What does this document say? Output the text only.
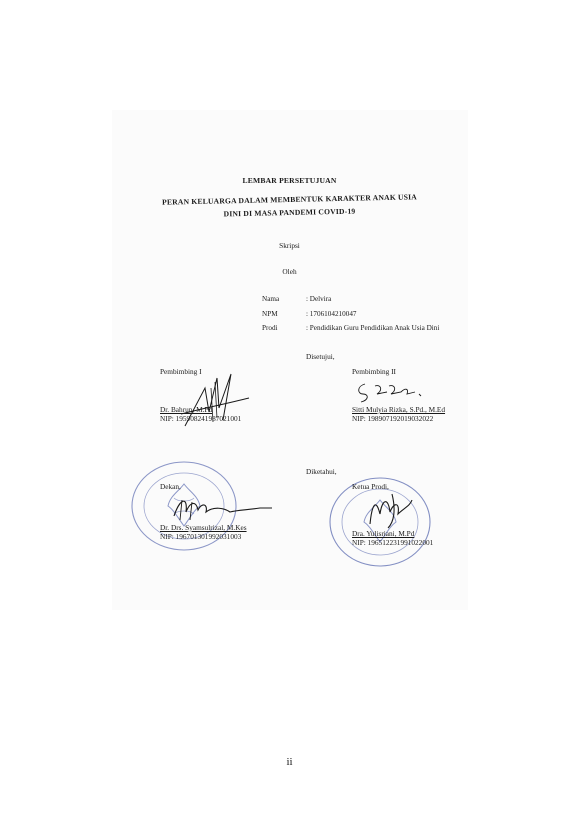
LEMBAR PERSETUJUAN
PERAN KELUARGA DALAM MEMBENTUK KARAKTER ANAK USIA
DINI DI MASA PANDEMI COVID-19
Skripsi
Oleh
Nama	: Delvira
NPM	: 1706104210047
Prodi	: Pendidikan Guru Pendidikan Anak Usia Dini
Disetujui,
Pembimbing I
Dr. Bahrun, M.Pd
NIP: 195908241987021001
Pembimbing II
Sitti Mulyia Rizka, S.Pd., M.Ed
NIP: 198907192019032022
Diketahui,
Dekan,
Dr. Drs. Syamsulrizal, M.Kes
NIP: 196701301992031003
Ketua Prodi,
Dra. Yulisriani, M.Pd
NIP: 196512231991022001
ii
